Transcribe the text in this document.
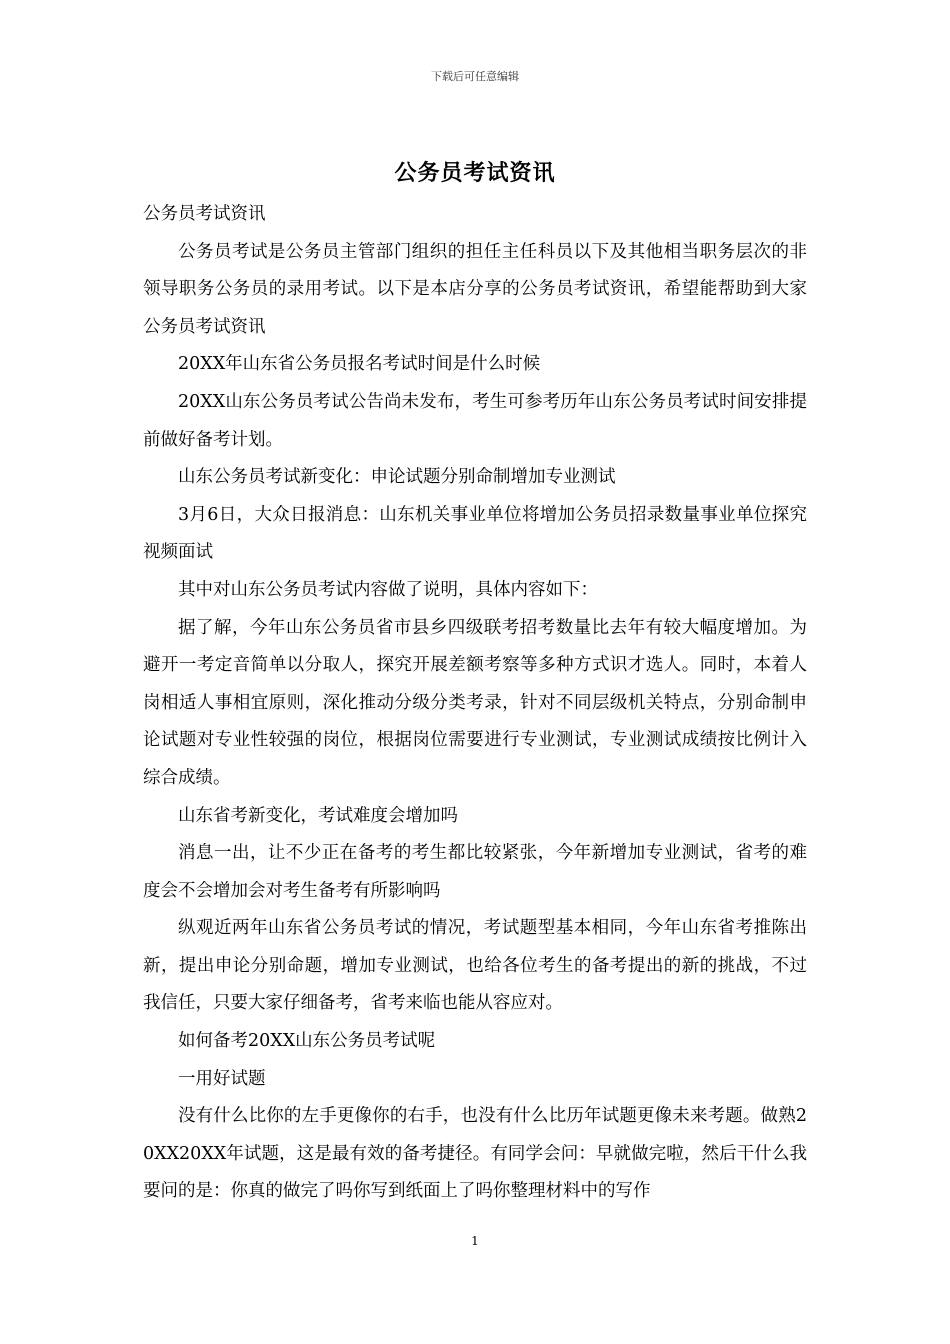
下载后可任意编辑
公务员考试资讯

公务员考试资讯

公务员考试是公务员主管部门组织的担任主任科员以下及其他相当职务层次的非领导职务公务员的录用考试。以下是本店分享的公务员考试资讯，希望能帮助到大家公务员考试资讯

20XX年山东省公务员报名考试时间是什么时候

20XX山东公务员考试公告尚未发布，考生可参考历年山东公务员考试时间安排提前做好备考计划。

山东公务员考试新变化：申论试题分别命制增加专业测试

3月6日，大众日报消息：山东机关事业单位将增加公务员招录数量事业单位探究视频面试

其中对山东公务员考试内容做了说明，具体内容如下：

据了解，今年山东公务员省市县乡四级联考招考数量比去年有较大幅度增加。为避开一考定音简单以分取人，探究开展差额考察等多种方式识才选人。同时，本着人岗相适人事相宜原则，深化推动分级分类考录，针对不同层级机关特点，分别命制申论试题对专业性较强的岗位，根据岗位需要进行专业测试，专业测试成绩按比例计入综合成绩。

山东省考新变化，考试难度会增加吗

消息一出，让不少正在备考的考生都比较紧张，今年新增加专业测试，省考的难度会不会增加会对考生备考有所影响吗

纵观近两年山东省公务员考试的情况，考试题型基本相同，今年山东省考推陈出新，提出申论分别命题，增加专业测试，也给各位考生的备考提出的新的挑战，不过我信任，只要大家仔细备考，省考来临也能从容应对。

如何备考20XX山东公务员考试呢

一用好试题

没有什么比你的左手更像你的右手，也没有什么比历年试题更像未来考题。做熟20XX20XX年试题，这是最有效的备考捷径。有同学会问：早就做完啦，然后干什么我要问的是：你真的做完了吗你写到纸面上了吗你整理材料中的写作

1
